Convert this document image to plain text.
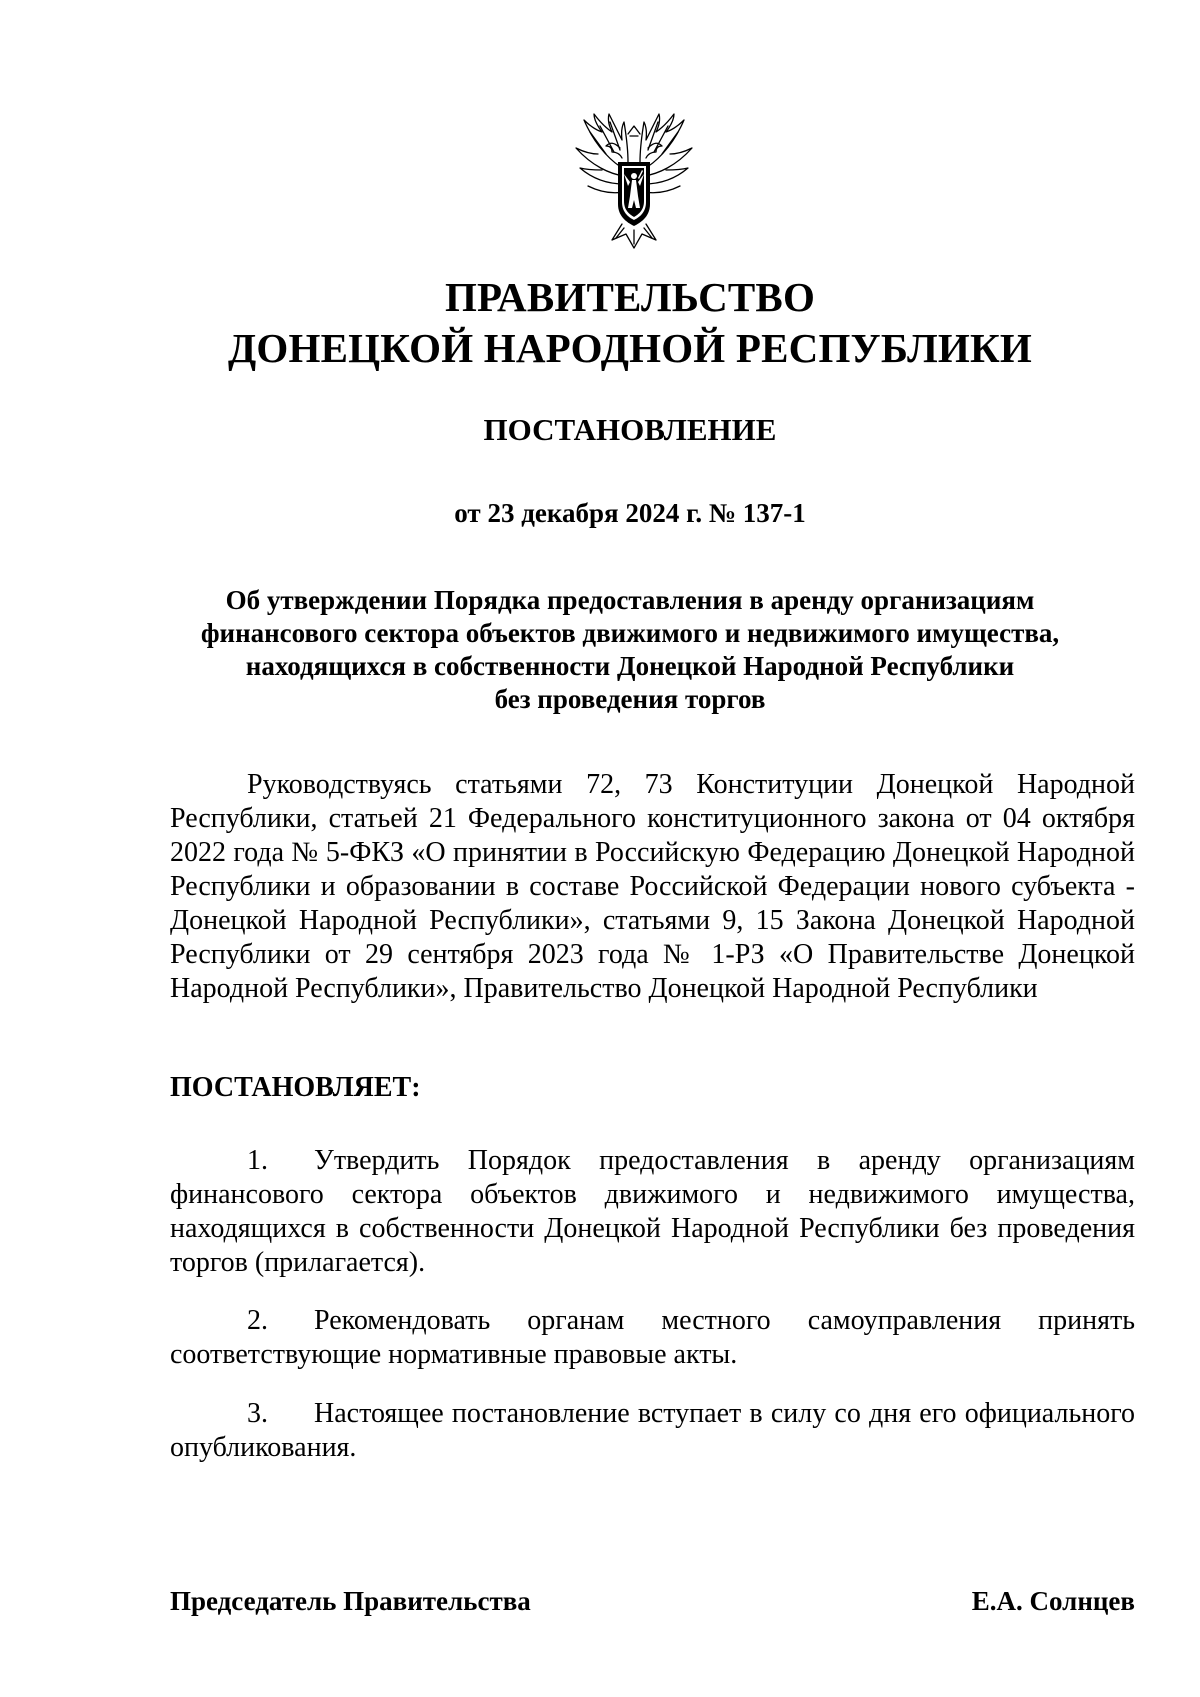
ПРАВИТЕЛЬСТВО
ДОНЕЦКОЙ НАРОДНОЙ РЕСПУБЛИКИ
ПОСТАНОВЛЕНИЕ
от 23 декабря 2024 г. № 137-1
Об утверждении Порядка предоставления в аренду организациям
финансового сектора объектов движимого и недвижимого имущества,
находящихся в собственности Донецкой Народной Республики
без проведения торгов
Руководствуясь статьями 72, 73 Конституции Донецкой Народной Республики, статьей 21 Федерального конституционного закона от 04 октября 2022 года № 5-ФКЗ «О принятии в Российскую Федерацию Донецкой Народной Республики и образовании в составе Российской Федерации нового субъекта - Донецкой Народной Республики», статьями 9, 15 Закона Донецкой Народной Республики от 29 сентября 2023 года № 1-РЗ «О Правительстве Донецкой Народной Республики», Правительство Донецкой Народной Республики
ПОСТАНОВЛЯЕТ:
1. Утвердить Порядок предоставления в аренду организациям финансового сектора объектов движимого и недвижимого имущества, находящихся в собственности Донецкой Народной Республики без проведения торгов (прилагается).
2. Рекомендовать органам местного самоуправления принять соответствующие нормативные правовые акты.
3. Настоящее постановление вступает в силу со дня его официального опубликования.
Председатель Правительства	Е.А. Солнцев
